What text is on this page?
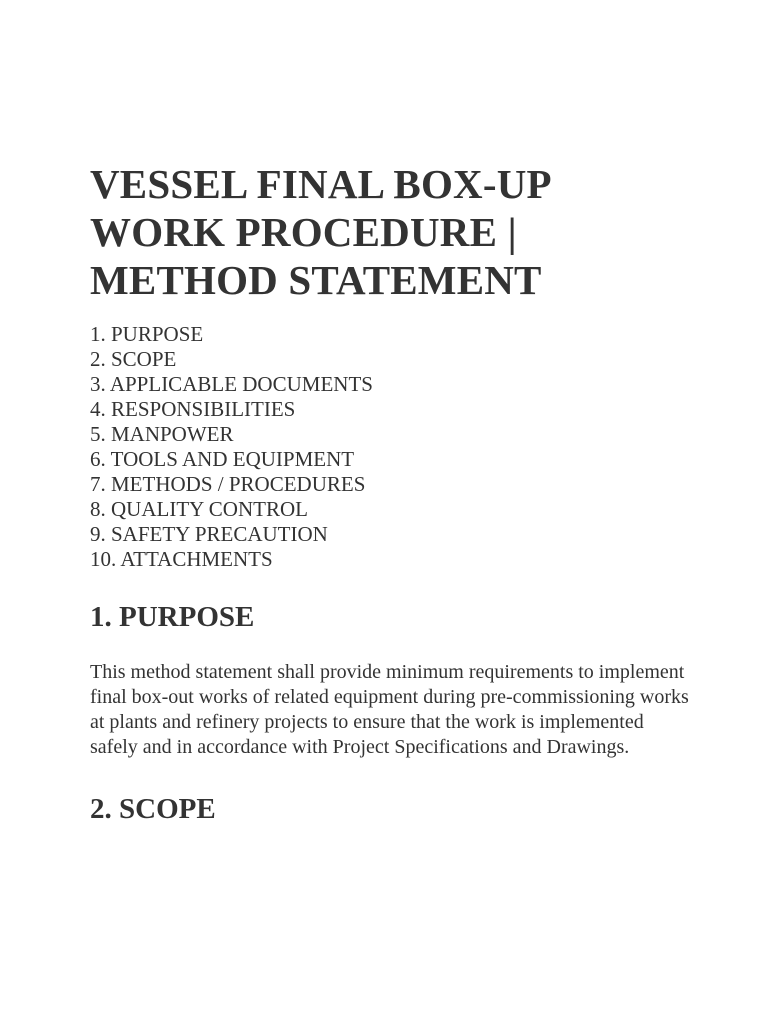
VESSEL FINAL BOX-UP
WORK PROCEDURE |
METHOD STATEMENT
1. PURPOSE
2. SCOPE
3. APPLICABLE DOCUMENTS
4. RESPONSIBILITIES
5. MANPOWER
6. TOOLS AND EQUIPMENT
7. METHODS / PROCEDURES
8. QUALITY CONTROL
9. SAFETY PRECAUTION
10. ATTACHMENTS
1. PURPOSE

This method statement shall provide minimum requirements to implement final box-out works of related equipment during pre-commissioning works at plants and refinery projects to ensure that the work is implemented safely and in accordance with Project Specifications and Drawings.

2. SCOPE
